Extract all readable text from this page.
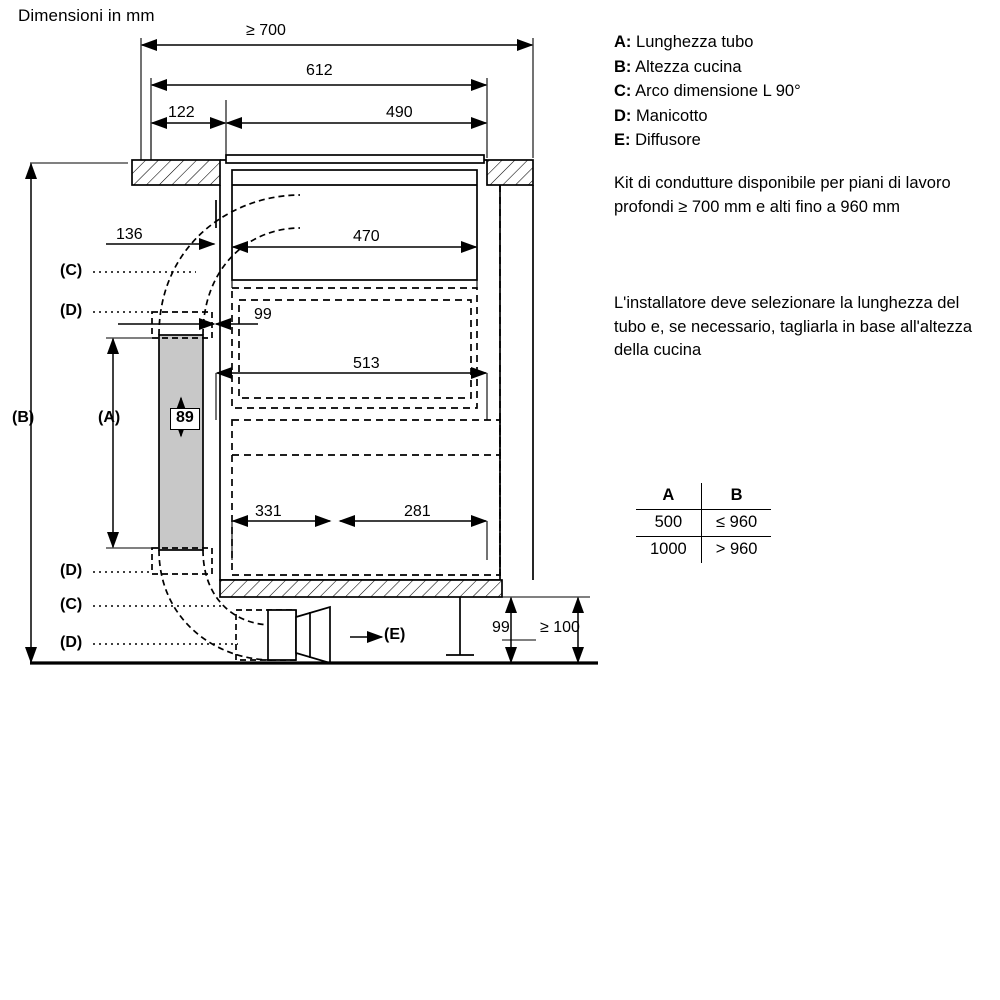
Dimensioni in mm
A: Lunghezza tubo
B: Altezza cucina
C: Arco dimensione L 90°
D: Manicotto
E: Diffusore
Kit di condutture disponibile per piani di lavoro profondi ≥ 700 mm e alti fino a 960 mm
L'installatore deve selezionare la lunghezza del tubo e, se necessario, tagliarla in base all'altezza della cucina
A	B
500	≤ 960
1000	> 960
≥ 700
612
122	490
136	470
99
513
331	281
99 ≥ 100
89
(B)	(A)
(C)
(D)
(D)
(C)
(D)	(E)
